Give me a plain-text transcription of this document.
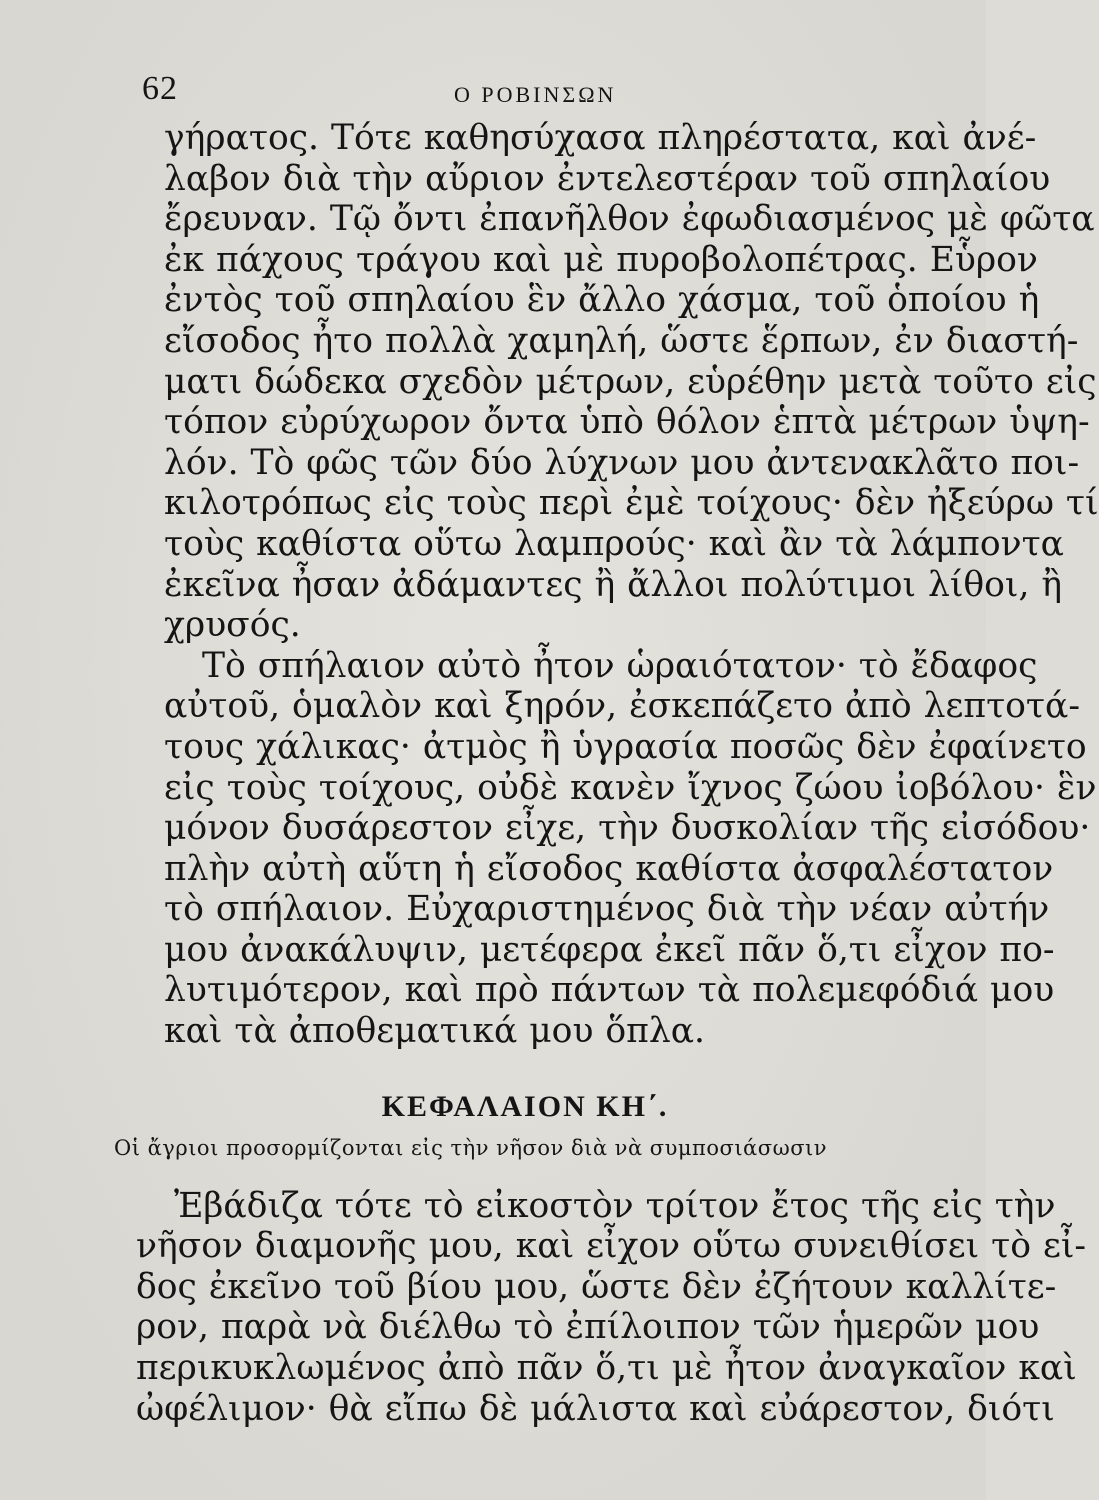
62	Ο ΡΟΒΙΝΣΩΝ
γήρατος. Τότε καθησύχασα πληρέστατα, καὶ ἀνέ-
λαβον διὰ τὴν αὔριον ἐντελεστέραν τοῦ σπηλαίου
ἔρευναν. Τῷ ὄντι ἐπανῆλθον ἐφωδιασμένος μὲ φῶτα
ἐκ πάχους τράγου καὶ μὲ πυροβολοπέτρας. Εὗρον
ἐντὸς τοῦ σπηλαίου ἓν ἄλλο χάσμα, τοῦ ὁποίου ἡ
εἴσοδος ἦτο πολλὰ χαμηλή, ὥστε ἕρπων, ἐν διαστή-
ματι δώδεκα σχεδὸν μέτρων, εὑρέθην μετὰ τοῦτο εἰς
τόπον εὐρύχωρον ὄντα ὑπὸ θόλον ἑπτὰ μέτρων ὑψη-
λόν. Τὸ φῶς τῶν δύο λύχνων μου ἀντενακλᾶτο ποι-
κιλοτρόπως εἰς τοὺς περὶ ἐμὲ τοίχους· δὲν ἠξεύρω τί
τοὺς καθίστα οὕτω λαμπρούς· καὶ ἂν τὰ λάμποντα
ἐκεῖνα ἦσαν ἀδάμαντες ἢ ἄλλοι πολύτιμοι λίθοι, ἢ
χρυσός.
Τὸ σπήλαιον αὐτὸ ἦτον ὡραιότατον· τὸ ἔδαφος
αὐτοῦ, ὁμαλὸν καὶ ξηρόν, ἐσκεπάζετο ἀπὸ λεπτοτά-
τους χάλικας· ἀτμὸς ἢ ὑγρασία ποσῶς δὲν ἐφαίνετο
εἰς τοὺς τοίχους, οὐδὲ κανὲν ἴχνος ζώου ἰοβόλου· ἓν
μόνον δυσάρεστον εἶχε, τὴν δυσκολίαν τῆς εἰσόδου·
πλὴν αὐτὴ αὕτη ἡ εἴσοδος καθίστα ἀσφαλέστατον
τὸ σπήλαιον. Εὐχαριστημένος διὰ τὴν νέαν αὐτήν
μου ἀνακάλυψιν, μετέφερα ἐκεῖ πᾶν ὅ,τι εἶχον πο-
λυτιμότερον, καὶ πρὸ πάντων τὰ πολεμεφόδιά μου
καὶ τὰ ἀποθεματικά μου ὅπλα.
ΚΕΦΑΛΑΙΟΝ ΚΗ΄.
Οἱ ἄγριοι προσορμίζονται εἰς τὴν νῆσον διὰ νὰ συμποσιάσωσιν
Ἐβάδιζα τότε τὸ εἰκοστὸν τρίτον ἔτος τῆς εἰς τὴν
νῆσον διαμονῆς μου, καὶ εἶχον οὕτω συνειθίσει τὸ εἶ-
δος ἐκεῖνο τοῦ βίου μου, ὥστε δὲν ἐζήτουν καλλίτε-
ρον, παρὰ νὰ διέλθω τὸ ἐπίλοιπον τῶν ἡμερῶν μου
περικυκλωμένος ἀπὸ πᾶν ὅ,τι μὲ ἦτον ἀναγκαῖον καὶ
ὠφέλιμον· θὰ εἴπω δὲ μάλιστα καὶ εὐάρεστον, διότι
